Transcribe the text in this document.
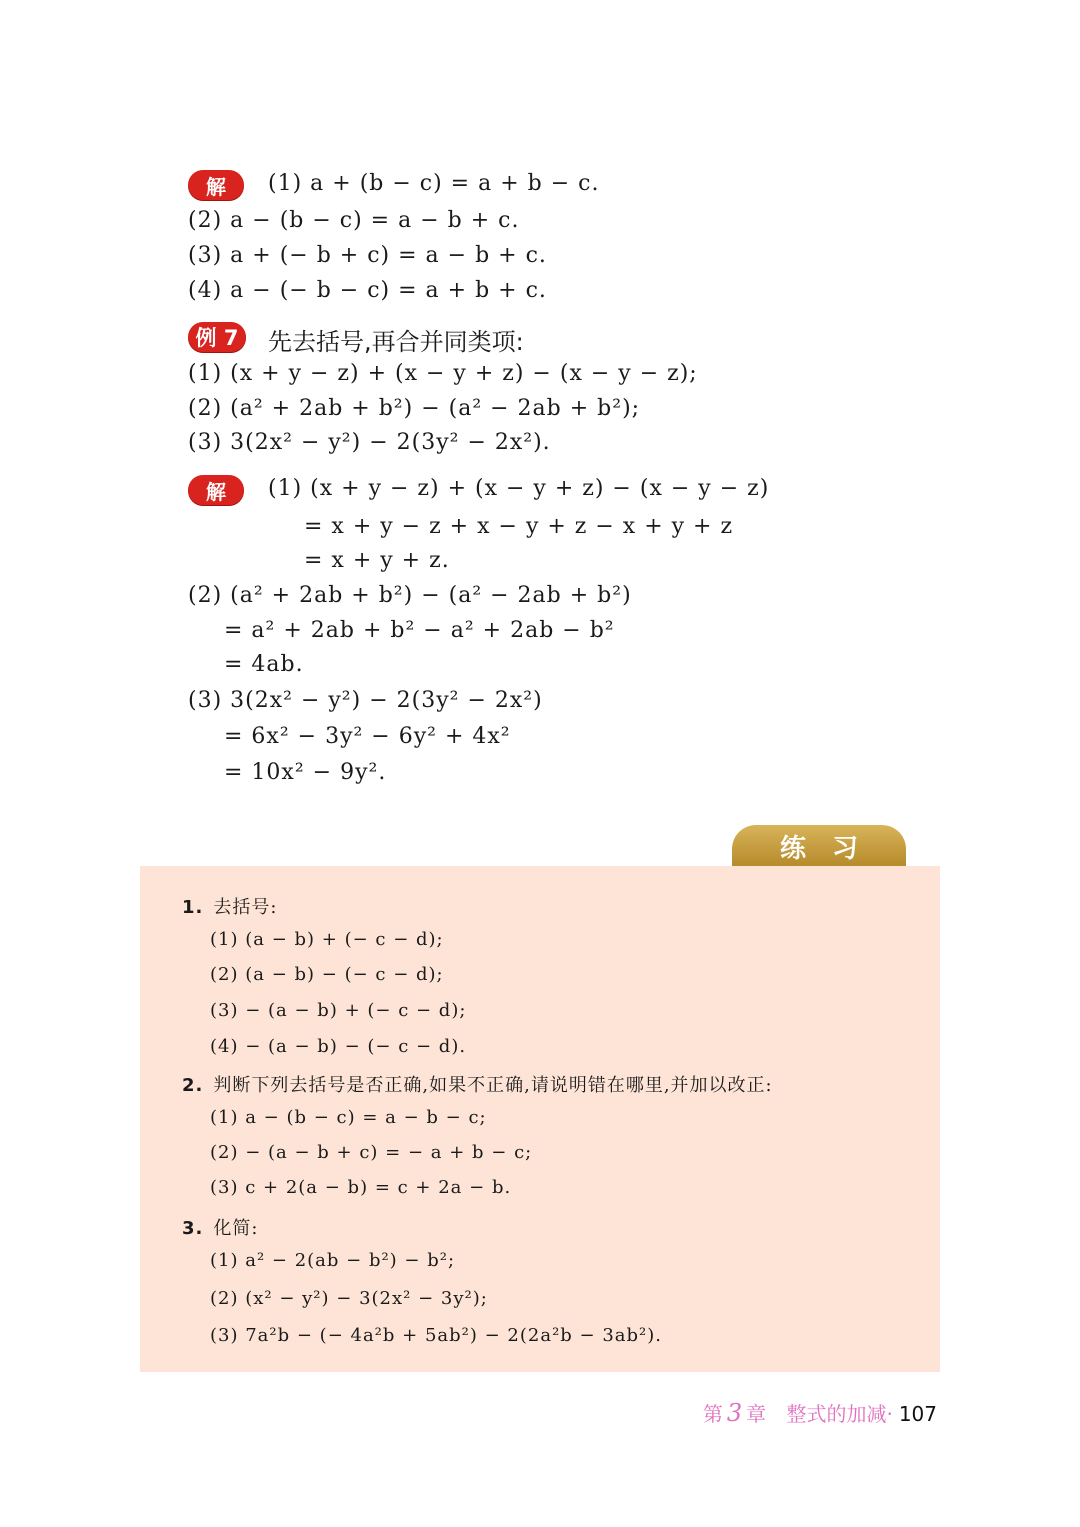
解	(1) a + (b − c) = a + b − c.
(2) a − (b − c) = a − b + c.
(3) a + (− b + c) = a − b + c.
(4) a − (− b − c) = a + b + c.
例 7	先去括号,再合并同类项:
(1) (x + y − z) + (x − y + z) − (x − y − z);
(2) (a² + 2ab + b²) − (a² − 2ab + b²);
(3) 3(2x² − y²) − 2(3y² − 2x²).
解	(1) (x + y − z) + (x − y + z) − (x − y − z)
= x + y − z + x − y + z − x + y + z
= x + y + z.
(2) (a² + 2ab + b²) − (a² − 2ab + b²)
= a² + 2ab + b² − a² + 2ab − b²
= 4ab.
(3) 3(2x² − y²) − 2(3y² − 2x²)
= 6x² − 3y² − 6y² + 4x²
= 10x² − 9y².
练习
1. 去括号:
(1) (a − b) + (− c − d);
(2) (a − b) − (− c − d);
(3) − (a − b) + (− c − d);
(4) − (a − b) − (− c − d).
2. 判断下列去括号是否正确,如果不正确,请说明错在哪里,并加以改正:
(1) a − (b − c) = a − b − c;
(2) − (a − b + c) = − a + b − c;
(3) c + 2(a − b) = c + 2a − b.
3. 化简:
(1) a² − 2(ab − b²) − b²;
(2) (x² − y²) − 3(2x² − 3y²);
(3) 7a²b − (− 4a²b + 5ab²) − 2(2a²b − 3ab²).
第 3 章 整式的加减· 107
